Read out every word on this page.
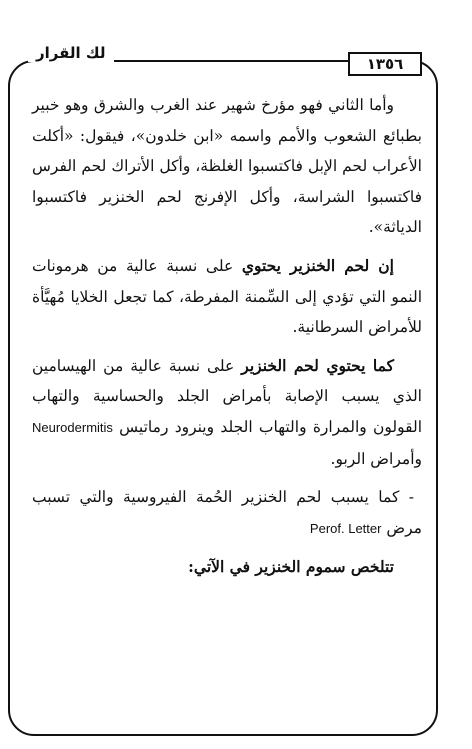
لك القرار
١٣٥٦

وأما الثاني فهو مؤرخ شهير عند الغرب والشرق وهو خبير بطبائع الشعوب والأمم واسمه «ابن خلدون»، فيقول: «أكلت الأعراب لحم الإبل فاكتسبوا الغلظة، وأكل الأتراك لحم الفرس فاكتسبوا الشراسة، وأكل الإفرنج لحم الخنزير فاكتسبوا الدياثة».

إن لحم الخنزير يحتوي على نسبة عالية من هرمونات النمو التي تؤدي إلى السِّمنة المفرطة، كما تجعل الخلايا مُهيَّأة للأمراض السرطانية.

كما يحتوي لحم الخنزير على نسبة عالية من الهيسامين الذي يسبب الإصابة بأمراض الجلد والحساسية والتهاب القولون والمرارة والتهاب الجلد وينرود رماتيس Neurodermitis وأمراض الربو.

- كما يسبب لحم الخنزير الحُمة الفيروسية والتي تسبب مرض Perof. Letter

تتلخص سموم الخنزير في الآتي:
